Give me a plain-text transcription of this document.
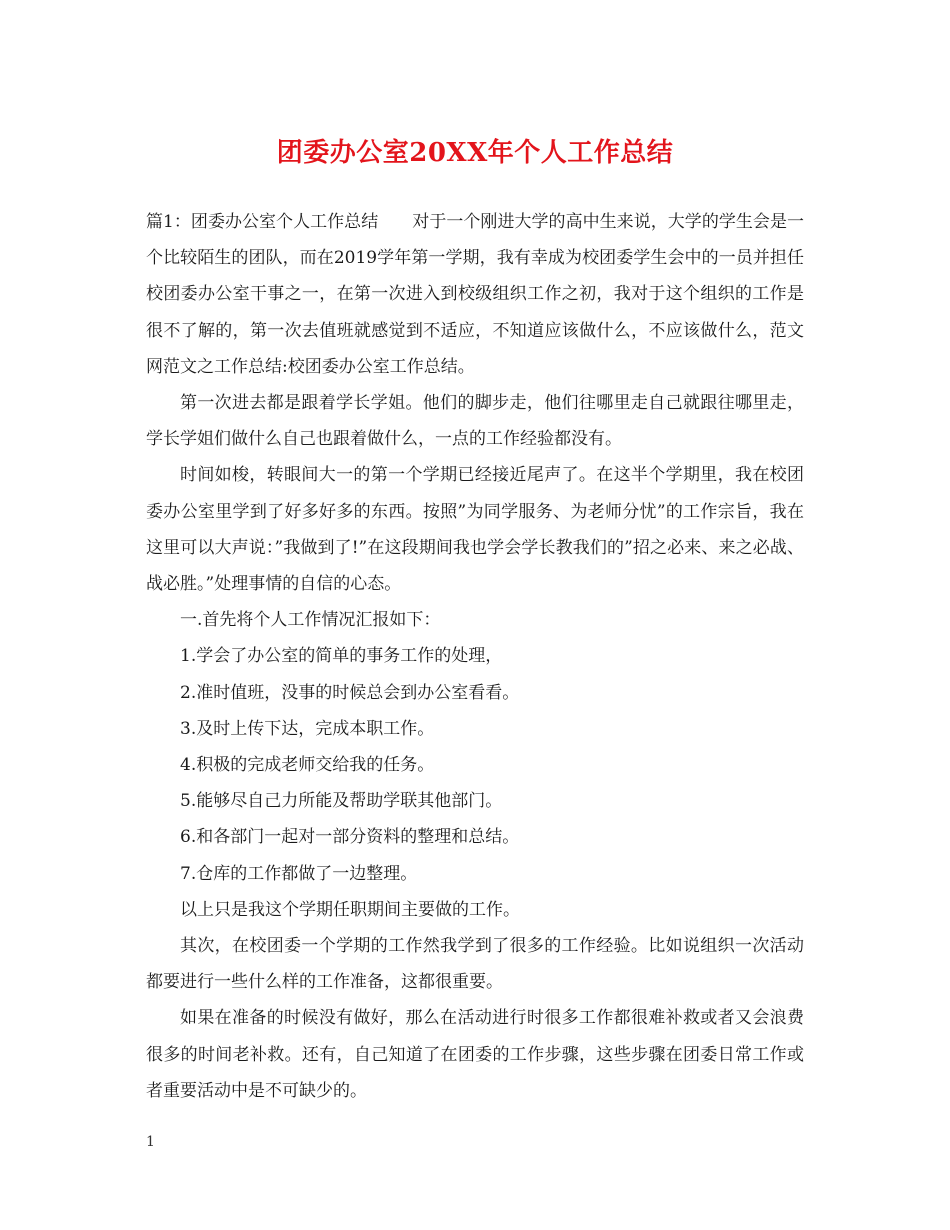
团委办公室20XX年个人工作总结

篇1：团委办公室个人工作总结　　对于一个刚进大学的高中生来说，大学的学生会是一个比较陌生的团队，而在2019学年第一学期，我有幸成为校团委学生会中的一员并担任校团委办公室干事之一，在第一次进入到校级组织工作之初，我对于这个组织的工作是很不了解的，第一次去值班就感觉到不适应，不知道应该做什么，不应该做什么，范文网范文之工作总结:校团委办公室工作总结。

第一次进去都是跟着学长学姐。他们的脚步走，他们往哪里走自己就跟往哪里走，学长学姐们做什么自己也跟着做什么，一点的工作经验都没有。

时间如梭，转眼间大一的第一个学期已经接近尾声了。在这半个学期里，我在校团委办公室里学到了好多好多的东西。按照”为同学服务、为老师分忧”的工作宗旨，我在这里可以大声说：”我做到了!”在这段期间我也学会学长教我们的”招之必来、来之必战、战必胜。”处理事情的自信的心态。

一.首先将个人工作情况汇报如下：

1.学会了办公室的简单的事务工作的处理，

2.准时值班，没事的时候总会到办公室看看。

3.及时上传下达，完成本职工作。

4.积极的完成老师交给我的任务。

5.能够尽自己力所能及帮助学联其他部门。

6.和各部门一起对一部分资料的整理和总结。

7.仓库的工作都做了一边整理。

以上只是我这个学期任职期间主要做的工作。

其次，在校团委一个学期的工作然我学到了很多的工作经验。比如说组织一次活动都要进行一些什么样的工作准备，这都很重要。

如果在准备的时候没有做好，那么在活动进行时很多工作都很难补救或者又会浪费很多的时间老补救。还有，自己知道了在团委的工作步骤，这些步骤在团委日常工作或者重要活动中是不可缺少的。

1
